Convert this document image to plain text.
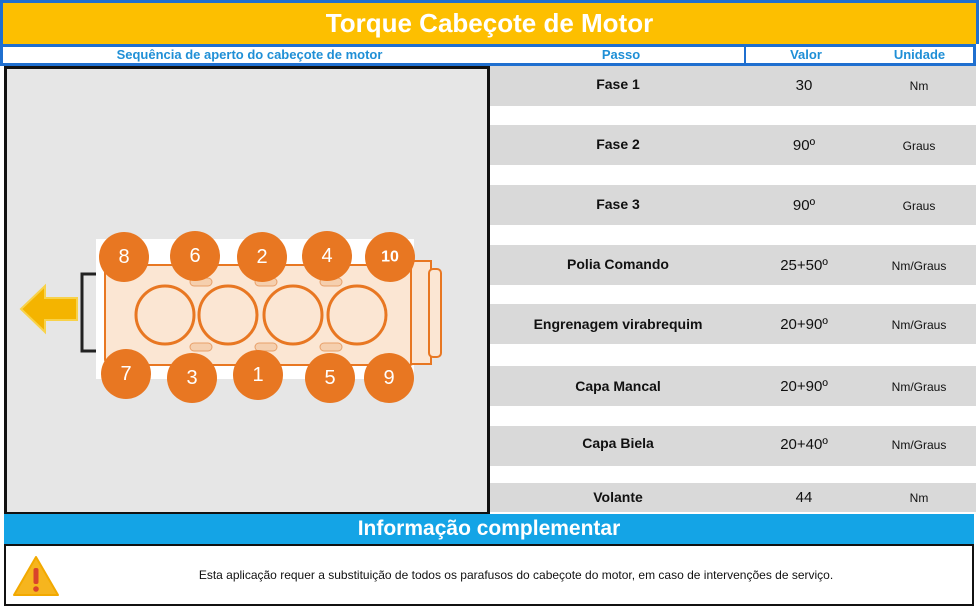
Torque Cabeçote de Motor
Sequência de aperto do cabeçote de motor	Passo	Valor	Unidade
8	6	2	4	10
7	3	1	5 9
Fase 1	30	Nm
Fase 2	90º	Graus
Fase 3	90º	Graus
Polia Comando	25+50º	Nm/Graus
Engrenagem virabrequim	20+90º	Nm/Graus
Capa Mancal	20+90º	Nm/Graus
Capa Biela	20+40º	Nm/Graus
Volante	44	Nm
Informação complementar
Esta aplicação requer a substituição de todos os parafusos do cabeçote do motor, em caso de intervenções de serviço.
